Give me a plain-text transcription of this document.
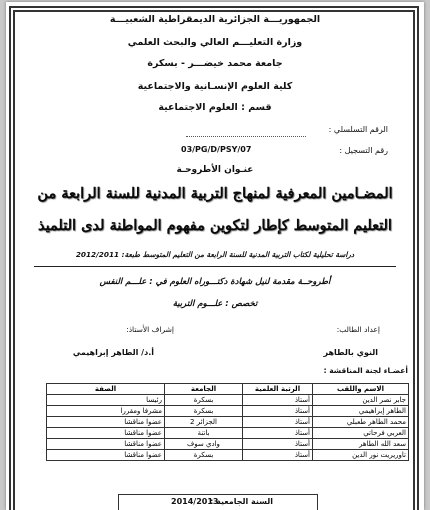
الجمهوريـــة الجزائرية الديمقراطية الشعبيـــة
وزارة التعليـــم العالي والبحث العلمي
جامعة محمد خيضـــر - بسكرة
كلية العلوم الإنسـانية والاجتماعية
قسم : العلوم الاجتماعية
الرقم التسلسلي :
رقم التسجيل :
03/PG/D/PSY/07
عنـوان الأطروحـة
المضـامين المعرفية لمنهاج التربية المدنية للسنة الرابعة من
التعليم المتوسط كإطار لتكوين مفهوم المواطنة لدى التلميذ
دراسة تحليلية لكتاب التربية المدنية للسنة الرابعة من التعليم المتوسط طبعة: 2012/2011
أطروحــة مقدمة لنيل شهادة دكتـــوراه العلوم في : علـــم النفس
تخصص : علـــوم التربية
إعداد الطالب:
إشراف الأستاذ:
النوي بالطاهر
أ.د/ الطاهر إبراهيمي
أعضـاء لجنة المناقشة :
الاسم واللقب	الرتبة العلمية	الجامعة	الصفة
جابر نصر الدين	أستاذ	بسكرة	رئيسا
الطاهر إبراهيمي	أستاذ	بسكرة	مشرفا ومقررا
محمد الطاهر طعبلي	أستاذ	الجزائر 2	عضوا مناقشا
العربي فرحاتي	أستاذ	باتنة	عضوا مناقشا
سعد الله الطاهر	أستاذ	وادي سوف	عضوا مناقشا
تاوريريت نور الدين	أستاذ	بسكرة	عضوا مناقشا
السنة الجامعية :
2014/2013
